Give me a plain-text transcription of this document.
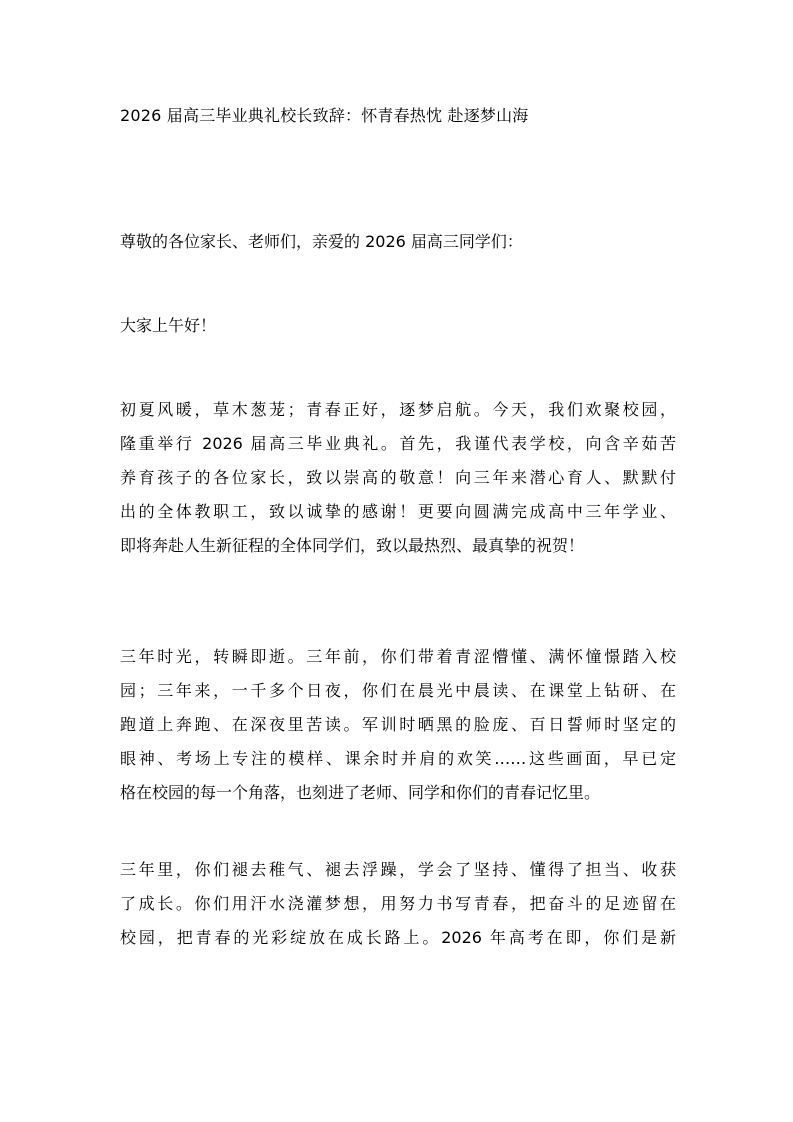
2026 届高三毕业典礼校长致辞：怀青春热忱 赴逐梦山海
尊敬的各位家长、老师们，亲爱的 2026 届高三同学们：
大家上午好！

初夏风暖，草木葱茏；青春正好，逐梦启航。今天，我们欢聚校园，
隆重举行 2026 届高三毕业典礼。首先，我谨代表学校，向含辛茹苦
养育孩子的各位家长，致以崇高的敬意！向三年来潜心育人、默默付
出的全体教职工，致以诚挚的感谢！更要向圆满完成高中三年学业、
即将奔赴人生新征程的全体同学们，致以最热烈、最真挚的祝贺！

三年时光，转瞬即逝。三年前，你们带着青涩懵懂、满怀憧憬踏入校
园；三年来，一千多个日夜，你们在晨光中晨读、在课堂上钻研、在
跑道上奔跑、在深夜里苦读。军训时晒黑的脸庞、百日誓师时坚定的
眼神、考场上专注的模样、课余时并肩的欢笑……这些画面，早已定
格在校园的每一个角落，也刻进了老师、同学和你们的青春记忆里。

三年里，你们褪去稚气、褪去浮躁，学会了坚持、懂得了担当、收获
了成长。你们用汗水浇灌梦想，用努力书写青春，把奋斗的足迹留在
校园，把青春的光彩绽放在成长路上。2026 年高考在即，你们是新
